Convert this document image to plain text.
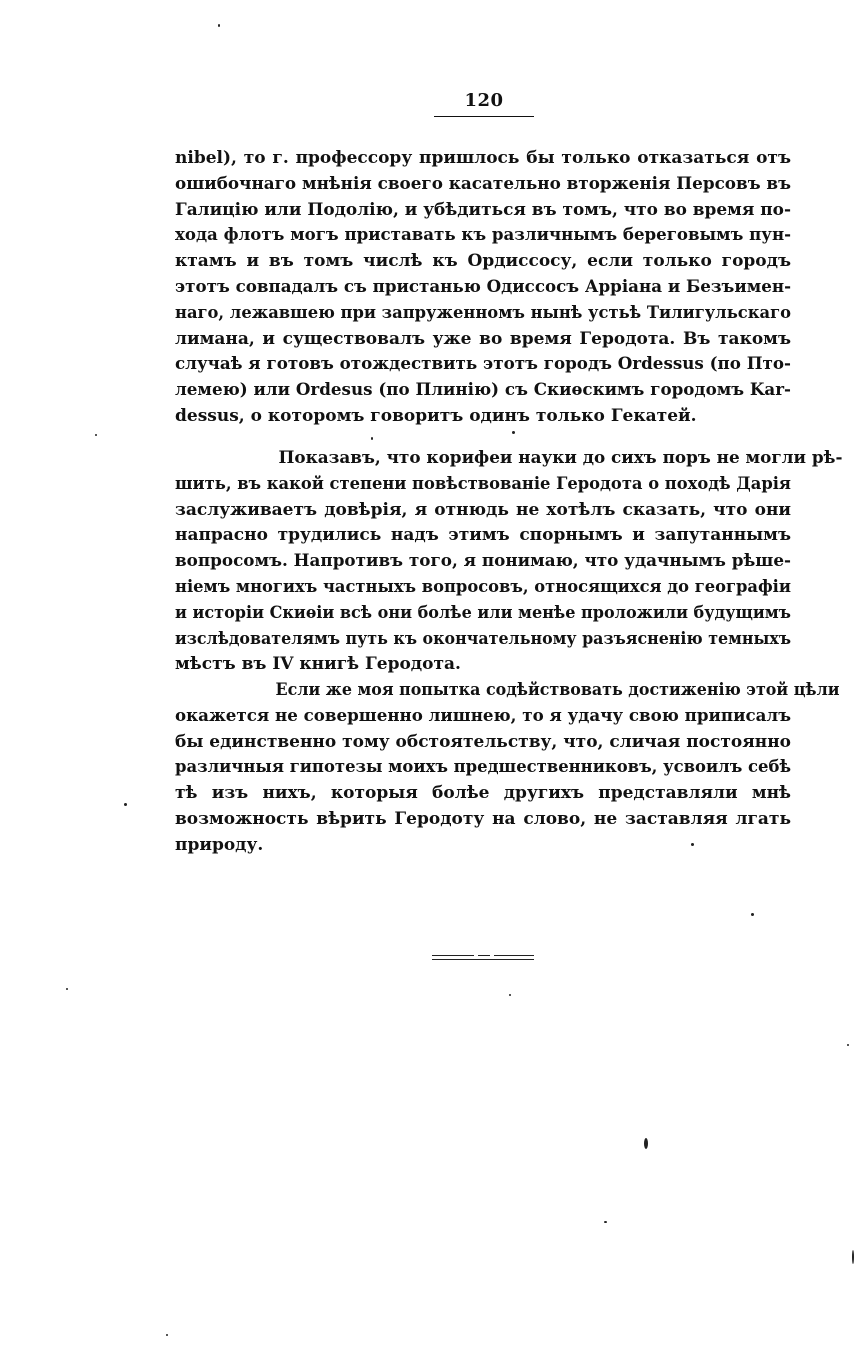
120

nibel), то г. профессору пришлось бы только отказаться отъ

ошибочнаго мнѣнія своего касательно вторженія Персовъ въ

Галицію или Подолію, и убѣдиться въ томъ, что во время по-

хода флотъ могъ приставать къ различнымъ береговымъ пун-

ктамъ и въ томъ числѣ къ Ордиссосу, если только городъ

этотъ совпадалъ съ пристанью Одиссосъ Арріана и Безъимен-

наго, лежавшею при запруженномъ нынѣ устьѣ Тилигульскаго

лимана, и существовалъ уже во время Геродота. Въ такомъ

случаѣ я готовъ отождествить этотъ городъ Ordessus (по Пто-

лемею) или Ordesus (по Плинію) съ Скиѳскимъ городомъ Kar-

dessus, о которомъ говоритъ одинъ только Гекатей.

Показавъ, что корифеи науки до сихъ поръ не могли рѣ-

шить, въ какой степени повѣствованіе Геродота о походѣ Дарія

заслуживаетъ довѣрія, я отнюдь не хотѣлъ сказать, что они

напрасно трудились надъ этимъ спорнымъ и запутаннымъ

вопросомъ. Напротивъ того, я понимаю, что удачнымъ рѣше-

ніемъ многихъ частныхъ вопросовъ, относящихся до географіи

и исторіи Скиѳіи всѣ они болѣе или менѣе проложили будущимъ

изслѣдователямъ путь къ окончательному разъясненію темныхъ

мѣстъ въ IV книгѣ Геродота.

Если же моя попытка содѣйствовать достиженію этой цѣли

окажется не совершенно лишнею, то я удачу свою приписалъ

бы единственно тому обстоятельству, что, сличая постоянно

различныя гипотезы моихъ предшественниковъ, усвоилъ себѣ

тѣ изъ нихъ, которыя болѣе другихъ представляли мнѣ

возможность вѣрить Геродоту на слово, не заставляя лгать

природу.
